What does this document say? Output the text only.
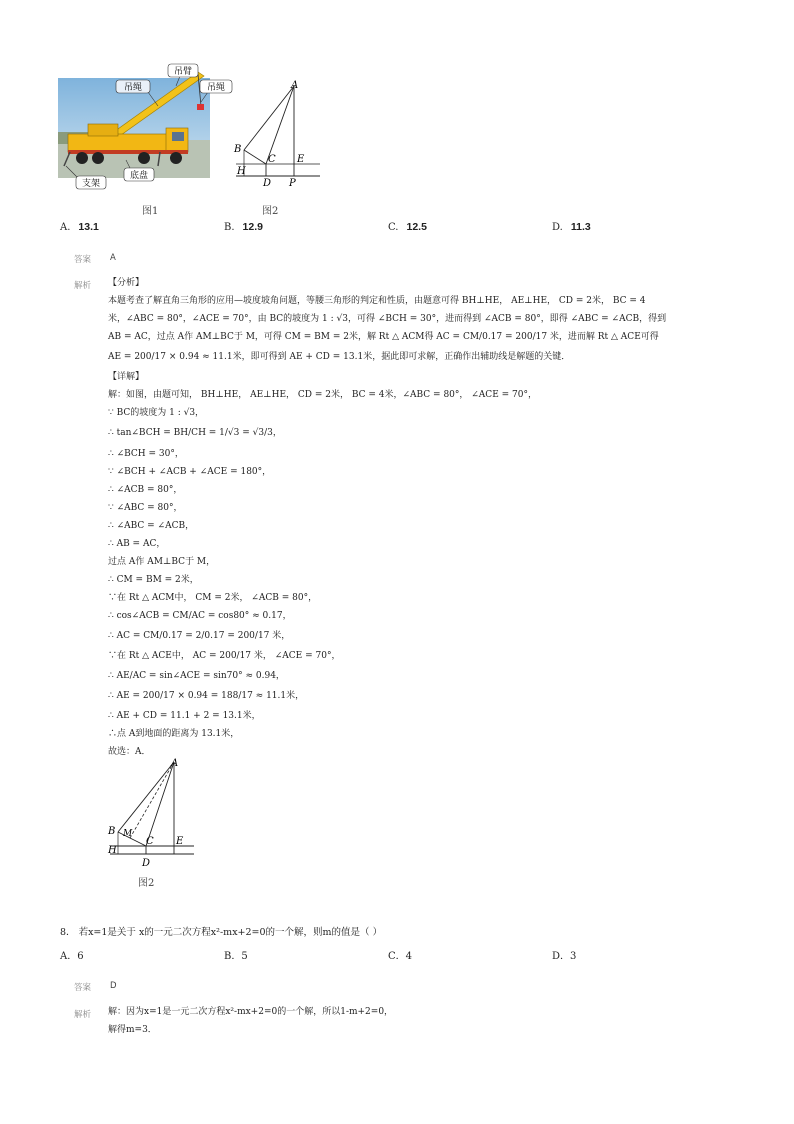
吊绳
吊臂
吊绳
支架
底盘
图1
A
B
C E
H
D P
图2
A. 13.1	B. 12.9	C. 12.5	D. 11.3
答案 A
解析 【分析】
本题考查了解直角三角形的应用—坡度坡角问题，等腰三角形的判定和性质，由题意可得 BH⊥HE， AE⊥HE， CD = 2米， BC = 4
米，∠ABC = 80°，∠ACE = 70°，由 BC的坡度为 1 : √3，可得 ∠BCH = 30°，进而得到 ∠ACB = 80°，即得 ∠ABC = ∠ACB，得到
AB = AC，过点 A作 AM⊥BC于 M，可得 CM = BM = 2米，解 Rt △ ACM得 AC = CM/0.17 = 200/17 米，进而解 Rt △ ACE可得
AE = 200/17 × 0.94 ≈ 11.1米，即可得到 AE + CD = 13.1米，据此即可求解，正确作出辅助线是解题的关键．
【详解】
解：如图，由题可知， BH⊥HE， AE⊥HE， CD = 2米， BC = 4米，∠ABC = 80°， ∠ACE = 70°，
∵ BC的坡度为 1 : √3，
∴ tan∠BCH = BH/CH = 1/√3 = √3/3，
∴ ∠BCH = 30°，
∵ ∠BCH + ∠ACB + ∠ACE = 180°，
∴ ∠ACB = 80°，
∵ ∠ABC = 80°，
∴ ∠ABC = ∠ACB，
∴ AB = AC，
过点 A作 AM⊥BC于 M，
∴ CM = BM = 2米，
∵在 Rt △ ACM中， CM = 2米， ∠ACB = 80°，
∴ cos∠ACB = CM/AC = cos80° ≈ 0.17，
∴ AC = CM/0.17 = 2/0.17 = 200/17 米，
∵在 Rt △ ACE中， AC = 200/17 米， ∠ACE = 70°，
∴ AE/AC = sin∠ACE = sin70° ≈ 0.94，
∴ AE = 200/17 × 0.94 = 188/17 ≈ 11.1米，
∴ AE + CD = 11.1 + 2 = 13.1米，
∴点 A到地面的距离为 13.1米，
故选：A．
A
B M
C E
H
D
图2
8． 若x=1是关于 x的一元二次方程x²-mx+2=0的一个解，则m的值是（ ）
A．6	B．5	C．4	D．3
答案 D
解析 解：因为x=1是一元二次方程x²-mx+2=0的一个解，所以1-m+2=0，
解得m=3．
